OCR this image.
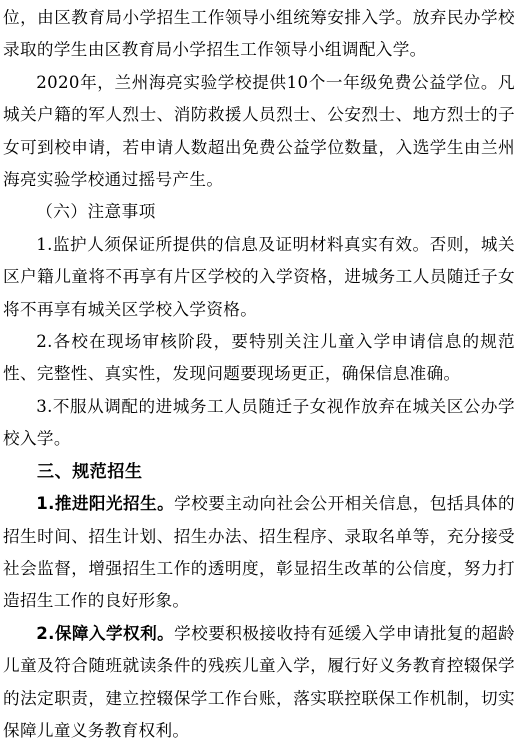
位，由区教育局小学招生工作领导小组统筹安排入学。放弃民办学校录取的学生由区教育局小学招生工作领导小组调配入学。

2020年，兰州海亮实验学校提供10个一年级免费公益学位。凡城关户籍的军人烈士、消防救援人员烈士、公安烈士、地方烈士的子女可到校申请，若申请人数超出免费公益学位数量，入选学生由兰州海亮实验学校通过摇号产生。

（六）注意事项

1.监护人须保证所提供的信息及证明材料真实有效。否则，城关区户籍儿童将不再享有片区学校的入学资格，进城务工人员随迁子女将不再享有城关区学校入学资格。

2.各校在现场审核阶段，要特别关注儿童入学申请信息的规范性、完整性、真实性，发现问题要现场更正，确保信息准确。

3.不服从调配的进城务工人员随迁子女视作放弃在城关区公办学校入学。

三、规范招生

1.推进阳光招生。学校要主动向社会公开相关信息，包括具体的招生时间、招生计划、招生办法、招生程序、录取名单等，充分接受社会监督，增强招生工作的透明度，彰显招生改革的公信度，努力打造招生工作的良好形象。

2.保障入学权利。学校要积极接收持有延缓入学申请批复的超龄儿童及符合随班就读条件的残疾儿童入学，履行好义务教育控辍保学的法定职责，建立控辍保学工作台账，落实联控联保工作机制，切实保障儿童义务教育权利。
